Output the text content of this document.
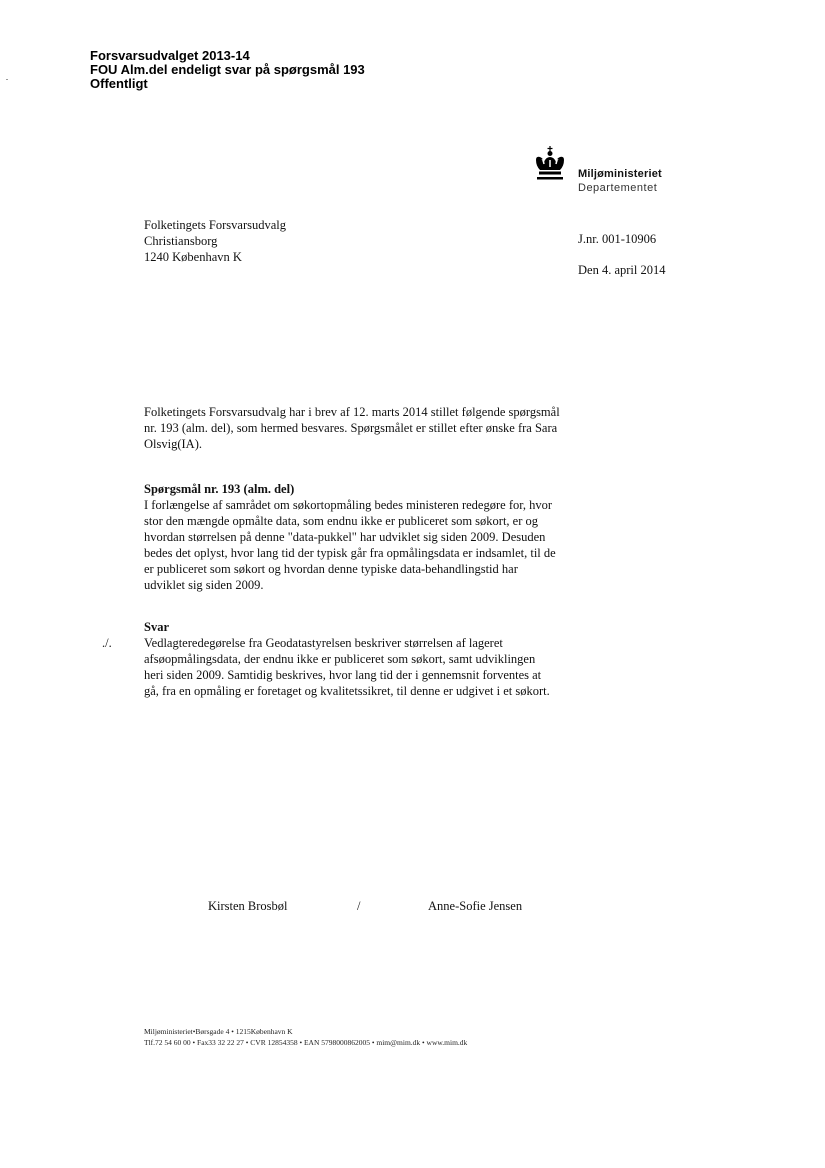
Forsvarsudvalget 2013-14
FOU Alm.del endeligt svar på spørgsmål 193
Offentligt
Miljøministeriet
Departementet
Folketingets Forsvarsudvalg
Christiansborg
1240 København K
J.nr. 001-10906
Den 4. april 2014
Folketingets Forsvarsudvalg har i brev af 12. marts 2014 stillet følgende spørgsmål
nr. 193 (alm. del), som hermed besvares. Spørgsmålet er stillet efter ønske fra Sara
Olsvig(IA).
Spørgsmål nr. 193 (alm. del)
I forlængelse af samrådet om søkortopmåling bedes ministeren redegøre for, hvor
stor den mængde opmålte data, som endnu ikke er publiceret som søkort, er og
hvordan størrelsen på denne "data-pukkel" har udviklet sig siden 2009. Desuden
bedes det oplyst, hvor lang tid der typisk går fra opmålingsdata er indsamlet, til de
er publiceret som søkort og hvordan denne typiske data-behandlingstid har
udviklet sig siden 2009.
Svar
./.	Vedlagteredegørelse fra Geodatastyrelsen beskriver størrelsen af lageret
afsøopmålingsdata, der endnu ikke er publiceret som søkort, samt udviklingen
heri siden 2009. Samtidig beskrives, hvor lang tid der i gennemsnit forventes at
gå, fra en opmåling er foretaget og kvalitetssikret, til denne er udgivet i et søkort.
Kirsten Brosbøl	/	Anne-Sofie Jensen
Miljøministeriet•Børsgade 4 • 1215København K
Tlf.72 54 60 00 • Fax33 32 22 27 • CVR 12854358 • EAN 5798000862005 • mim@mim.dk • www.mim.dk
